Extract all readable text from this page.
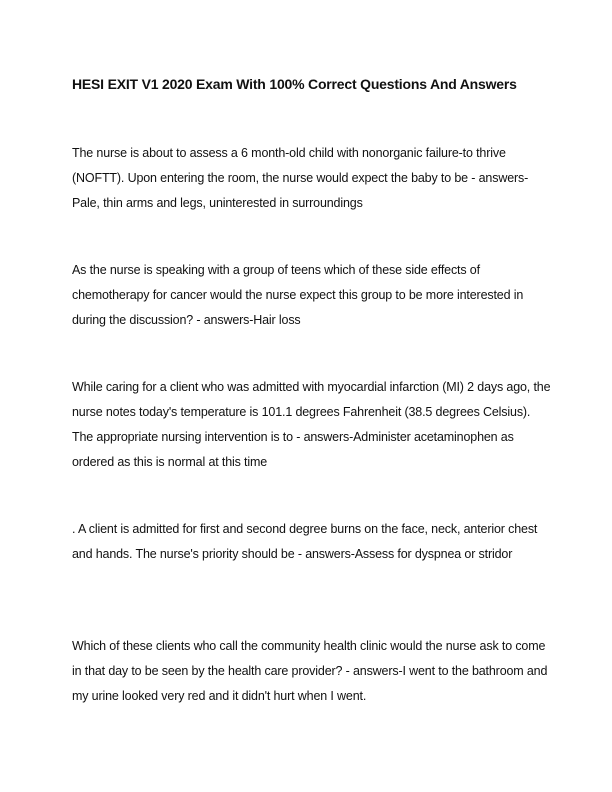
HESI EXIT V1 2020 Exam With 100% Correct Questions And Answers

The nurse is about to assess a 6 month-old child with nonorganic failure-to thrive (NOFTT). Upon entering the room, the nurse would expect the baby to be - answers-Pale, thin arms and legs, uninterested in surroundings

As the nurse is speaking with a group of teens which of these side effects of chemotherapy for cancer would the nurse expect this group to be more interested in during the discussion? - answers-Hair loss

While caring for a client who was admitted with myocardial infarction (MI) 2 days ago, the nurse notes today's temperature is 101.1 degrees Fahrenheit (38.5 degrees Celsius). The appropriate nursing intervention is to - answers-Administer acetaminophen as ordered as this is normal at this time

. A client is admitted for first and second degree burns on the face, neck, anterior chest and hands. The nurse's priority should be - answers-Assess for dyspnea or stridor

Which of these clients who call the community health clinic would the nurse ask to come in that day to be seen by the health care provider? - answers-I went to the bathroom and my urine looked very red and it didn't hurt when I went.
